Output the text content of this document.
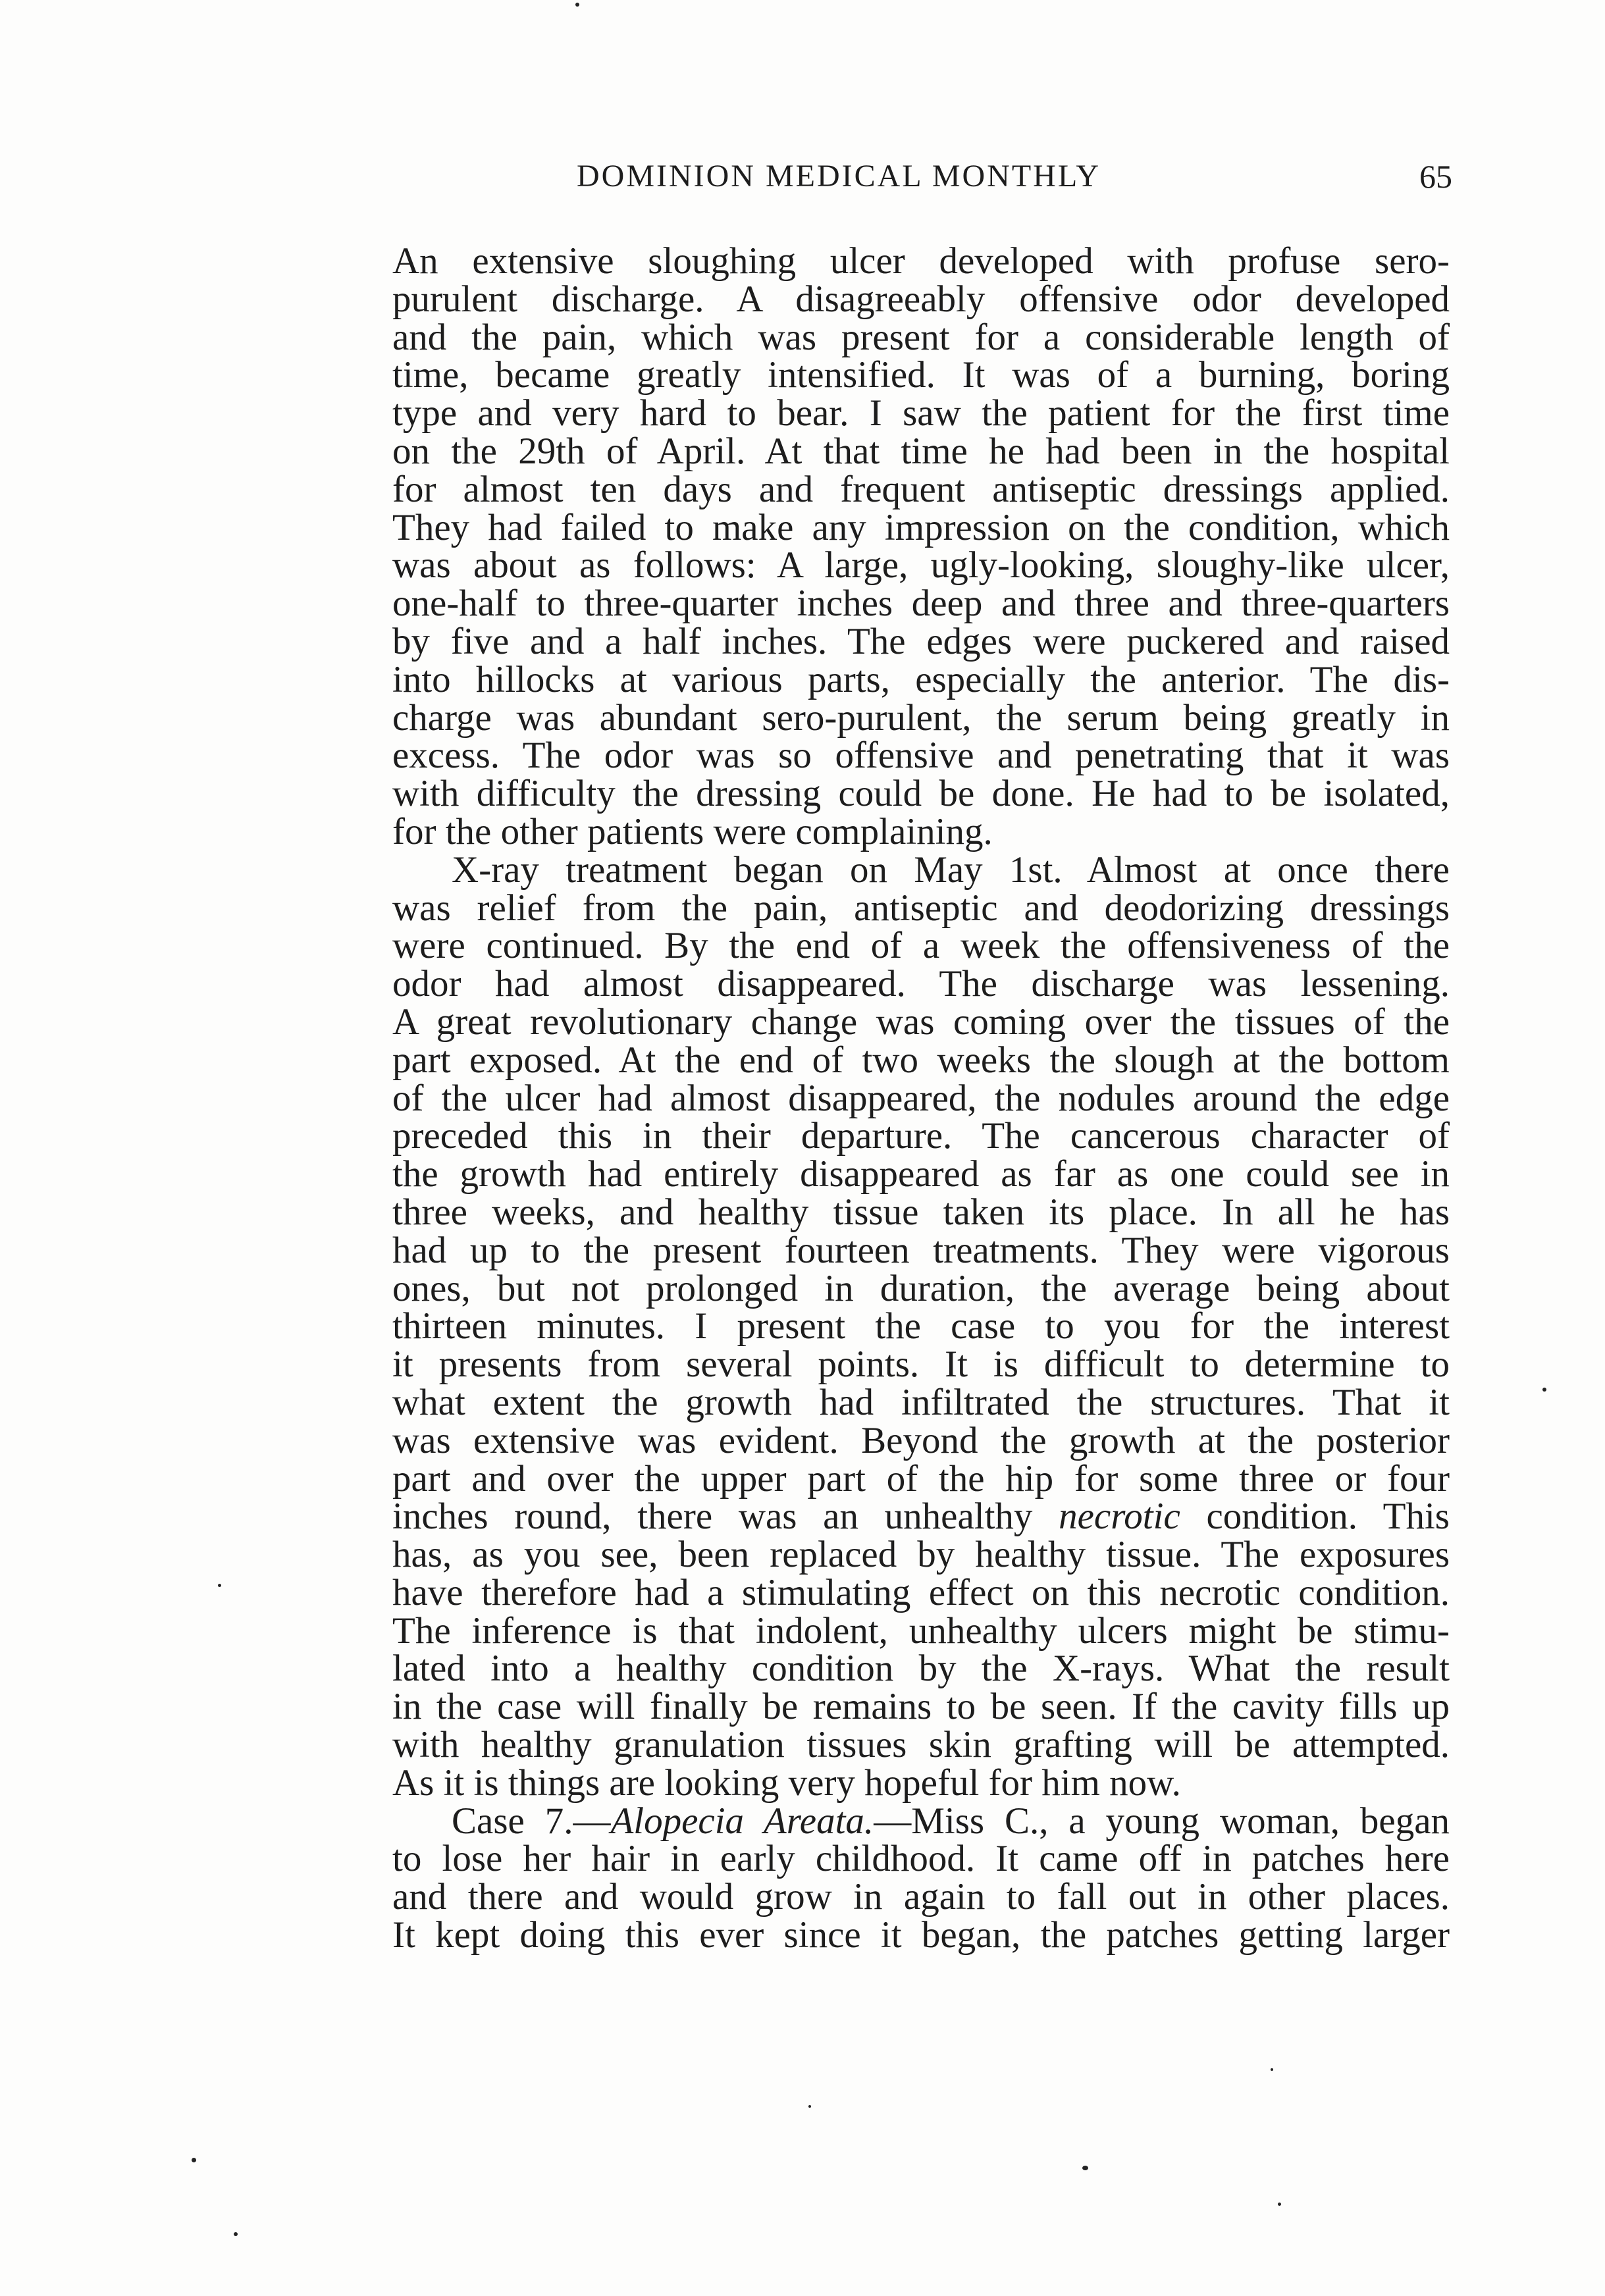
DOMINION MEDICAL MONTHLY	65
An extensive sloughing ulcer developed with profuse sero-
purulent discharge. A disagreeably offensive odor developed
and the pain, which was present for a considerable length of
time, became greatly intensified. It was of a burning, boring
type and very hard to bear. I saw the patient for the first time
on the 29th of April. At that time he had been in the hospital
for almost ten days and frequent antiseptic dressings applied.
They had failed to make any impression on the condition, which
was about as follows: A large, ugly-looking, sloughy-like ulcer,
one-half to three-quarter inches deep and three and three-quarters
by five and a half inches. The edges were puckered and raised
into hillocks at various parts, especially the anterior. The dis-
charge was abundant sero-purulent, the serum being greatly in
excess. The odor was so offensive and penetrating that it was
with difficulty the dressing could be done. He had to be isolated,
for the other patients were complaining.
X-ray treatment began on May 1st. Almost at once there
was relief from the pain, antiseptic and deodorizing dressings
were continued. By the end of a week the offensiveness of the
odor had almost disappeared. The discharge was lessening.
A great revolutionary change was coming over the tissues of the
part exposed. At the end of two weeks the slough at the bottom
of the ulcer had almost disappeared, the nodules around the edge
preceded this in their departure. The cancerous character of
the growth had entirely disappeared as far as one could see in
three weeks, and healthy tissue taken its place. In all he has
had up to the present fourteen treatments. They were vigorous
ones, but not prolonged in duration, the average being about
thirteen minutes. I present the case to you for the interest
it presents from several points. It is difficult to determine to
what extent the growth had infiltrated the structures. That it
was extensive was evident. Beyond the growth at the posterior
part and over the upper part of the hip for some three or four
inches round, there was an unhealthy necrotic condition. This
has, as you see, been replaced by healthy tissue. The exposures
have therefore had a stimulating effect on this necrotic condition.
The inference is that indolent, unhealthy ulcers might be stimu-
lated into a healthy condition by the X-rays. What the result
in the case will finally be remains to be seen. If the cavity fills up
with healthy granulation tissues skin grafting will be attempted.
As it is things are looking very hopeful for him now.
Case 7.—Alopecia Areata.—Miss C., a young woman, began
to lose her hair in early childhood. It came off in patches here
and there and would grow in again to fall out in other places.
It kept doing this ever since it began, the patches getting larger
